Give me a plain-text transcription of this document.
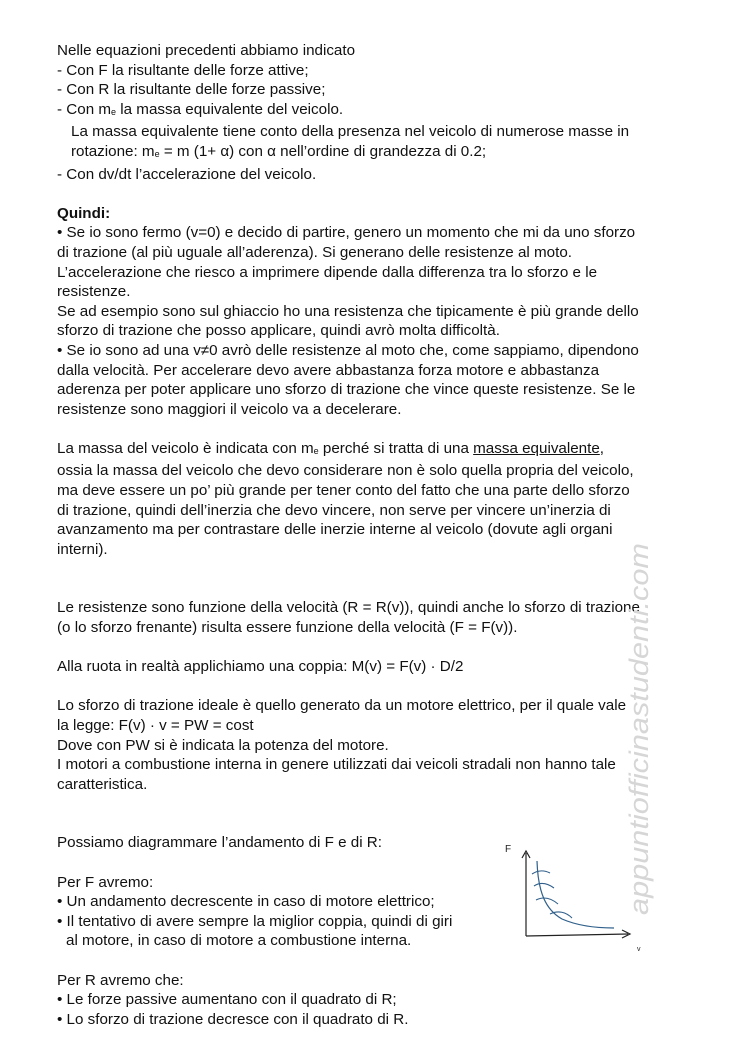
Nelle equazioni precedenti abbiamo indicato

- Con F la risultante delle forze attive;

- Con R la risultante delle forze passive;

- Con me la massa equivalente del veicolo.

La massa equivalente tiene conto della presenza nel veicolo di numerose masse in

rotazione: me = m (1+ α) con α nell’ordine di grandezza di 0.2;

- Con dv/dt l’accelerazione del veicolo.

Quindi:

• Se io sono fermo (v=0) e decido di partire, genero un momento che mi da uno sforzo

di trazione (al più uguale all’aderenza). Si generano delle resistenze al moto.

L’accelerazione che riesco a imprimere dipende dalla differenza tra lo sforzo e le

resistenze.

Se ad esempio sono sul ghiaccio ho una resistenza che tipicamente è più grande dello

sforzo di trazione che posso applicare, quindi avrò molta difficoltà.

• Se io sono ad una v≠0 avrò delle resistenze al moto che, come sappiamo, dipendono

dalla velocità. Per accelerare devo avere abbastanza forza motore e abbastanza

aderenza per poter applicare uno sforzo di trazione che vince queste resistenze. Se le

resistenze sono maggiori il veicolo va a decelerare.

La massa del veicolo è indicata con me perché si tratta di una massa equivalente,

ossia la massa del veicolo che devo considerare non è solo quella propria del veicolo,

ma deve essere un po’ più grande per tener conto del fatto che una parte dello sforzo

di trazione, quindi dell’inerzia che devo vincere, non serve per vincere un’inerzia di

avanzamento ma per contrastare delle inerzie interne al veicolo (dovute agli organi

interni).

Le resistenze sono funzione della velocità (R = R(v)), quindi anche lo sforzo di trazione

(o lo sforzo frenante) risulta essere funzione della velocità (F = F(v)).

Alla ruota in realtà applichiamo una coppia: M(v) = F(v) · D/2

Lo sforzo di trazione ideale è quello generato da un motore elettrico, per il quale vale

la legge: F(v) · v = PW = cost

Dove con PW si è indicata la potenza del motore.

I motori a combustione interna in genere utilizzati dai veicoli stradali non hanno tale

caratteristica.

Possiamo diagrammare l’andamento di F e di R:

Per F avremo:

• Un andamento decrescente in caso di motore elettrico;

• Il tentativo di avere sempre la miglior coppia, quindi di giri

al motore, in caso di motore a combustione interna.

Per R avremo che:

• Le forze passive aumentano con il quadrato di R;

• Lo sforzo di trazione decresce con il quadrato di R.

appuntiofficinastudenti.com
F
v
